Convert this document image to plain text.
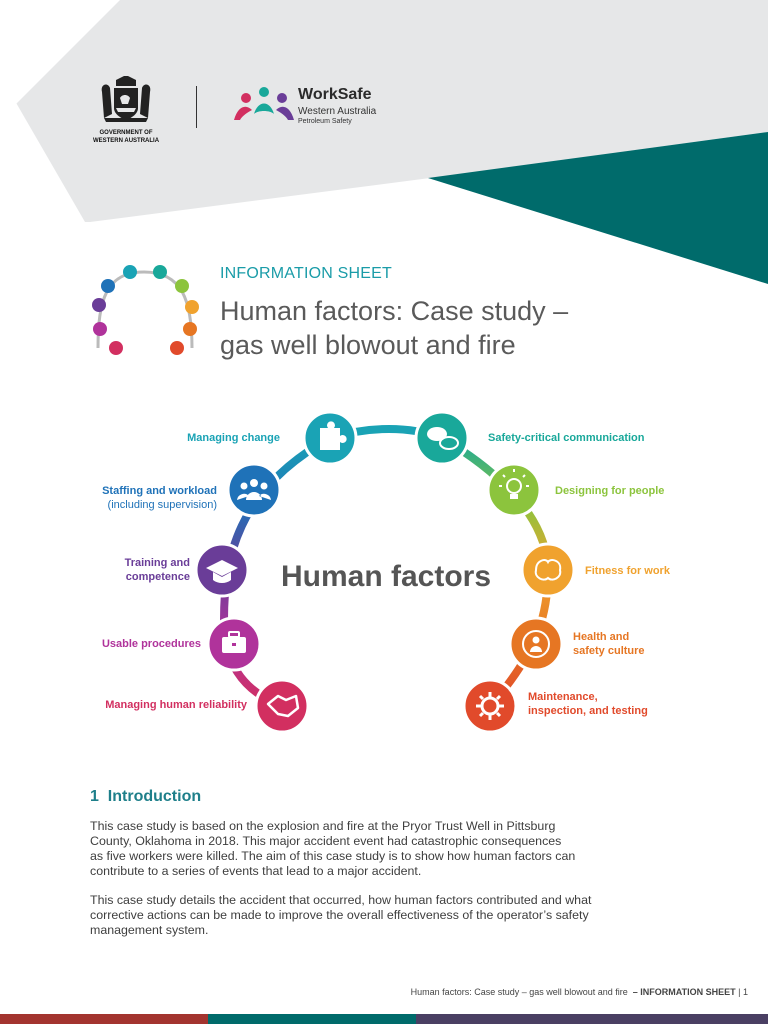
GOVERNMENT OF
WESTERN AUSTRALIA
WorkSafe
Western Australia
Petroleum Safety
INFORMATION SHEET
Human factors: Case study –
gas well blowout and fire
Human factors
Managing change
Staffing and workload
(including supervision)
Training and
competence
Usable procedures
Managing human reliability
Safety-critical communication
Designing for people
Fitness for work
Health and
safety culture
Maintenance,
inspection, and testing
1 Introduction

This case study is based on the explosion and fire at the Pryor Trust Well in Pittsburg
County, Oklahoma in 2018. This major accident event had catastrophic consequences
as five workers were killed. The aim of this case study is to show how human factors can
contribute to a series of events that lead to a major accident.

This case study details the accident that occurred, how human factors contributed and what
corrective actions can be made to improve the overall effectiveness of the operator’s safety
management system.

Human factors: Case study – gas well blowout and fire – INFORMATION SHEET | 1
